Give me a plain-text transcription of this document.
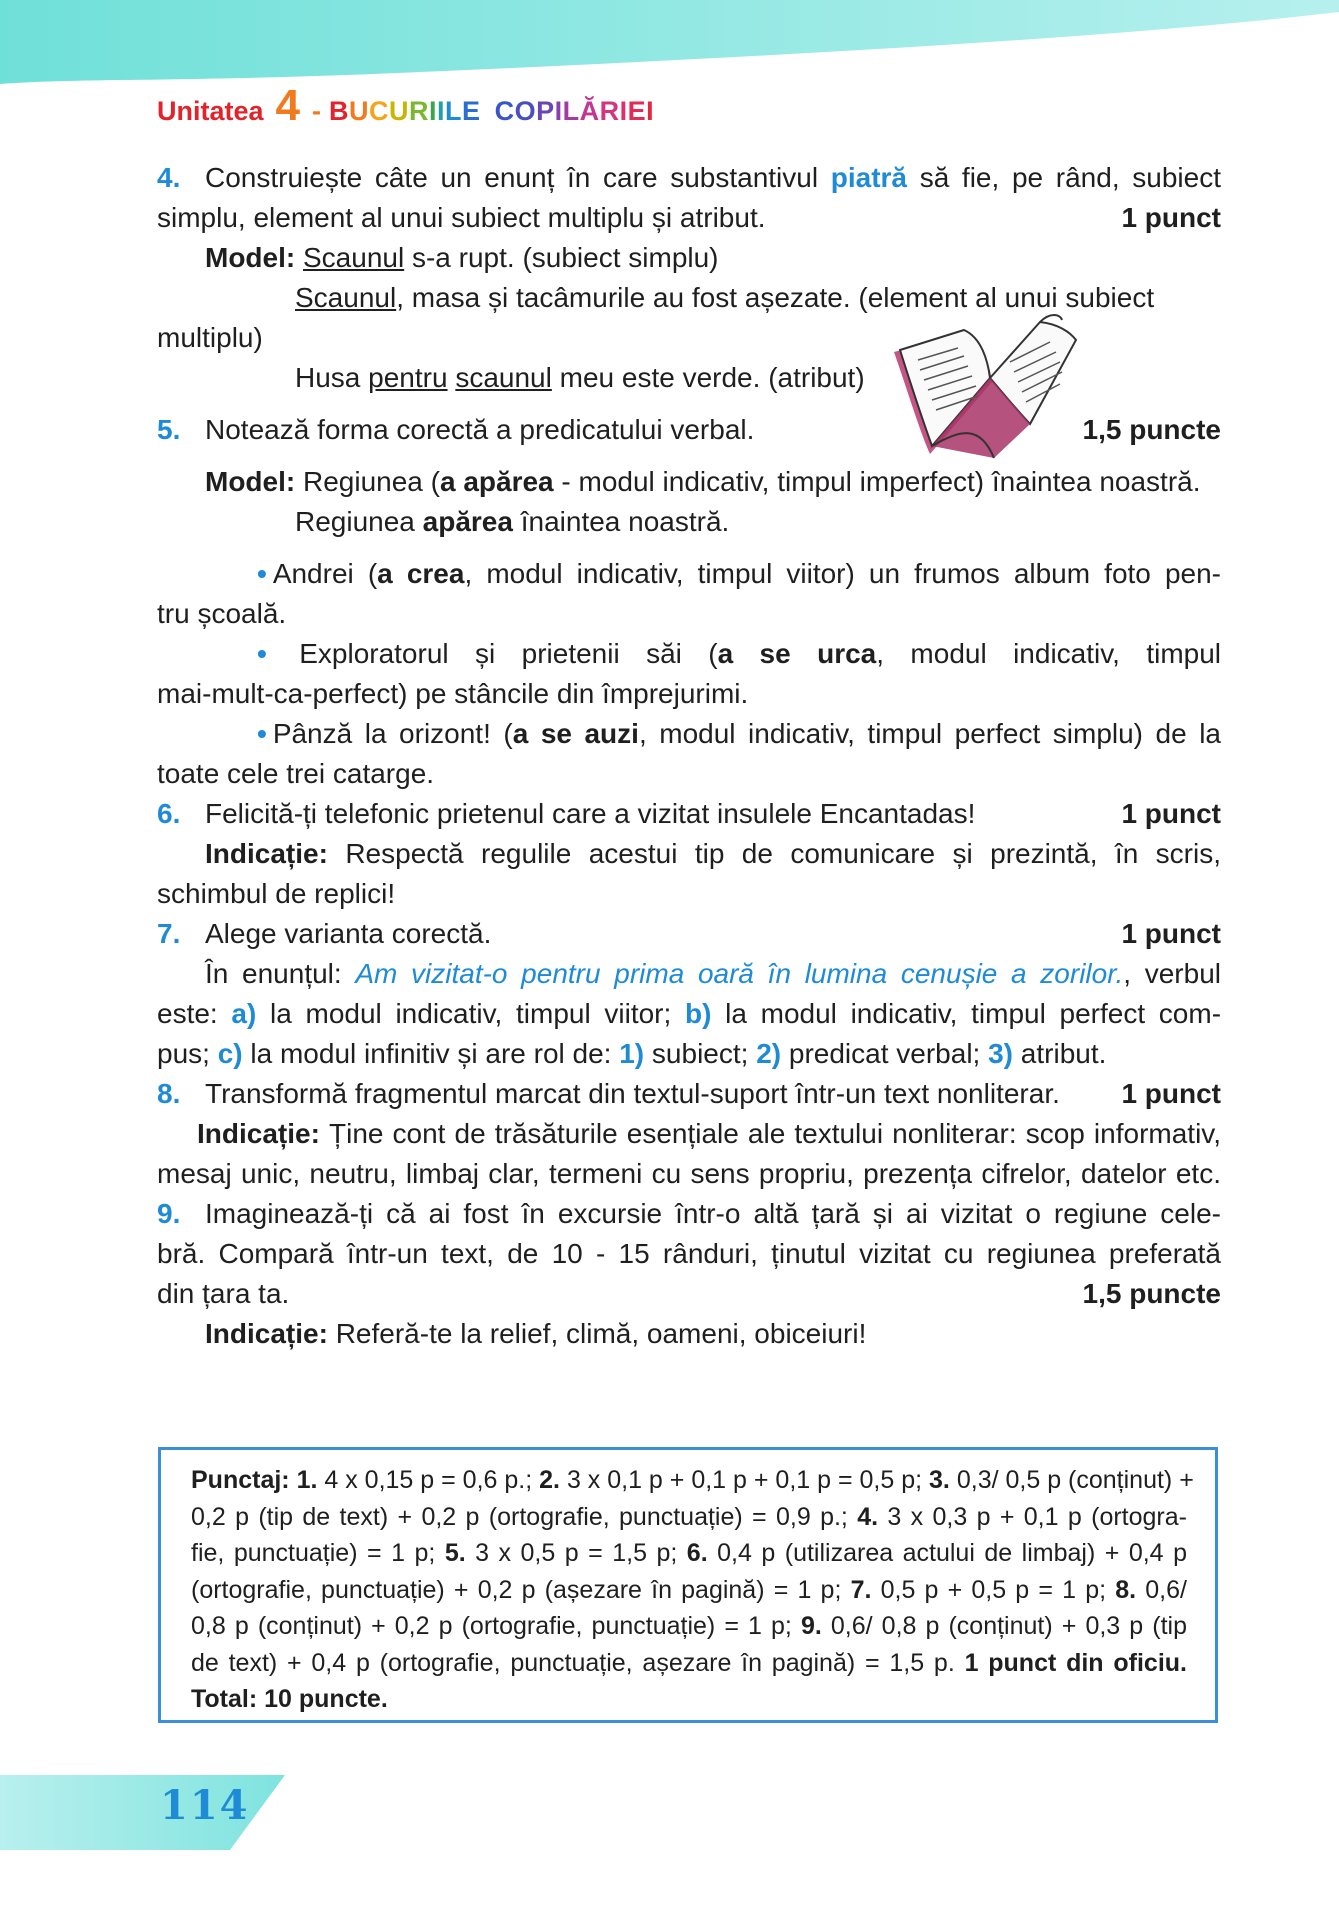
Unitatea 4 - BUCURIILE COPILĂRIEI
4. Construiește câte un enunț în care substantivul piatră să fie, pe rând, subiect
simplu, element al unui subiect multiplu și atribut.	1 punct
Model: Scaunul s-a rupt. (subiect simplu)
Scaunul, masa și tacâmurile au fost așezate. (element al unui subiect
multiplu)
Husa pentru scaunul meu este verde. (atribut)
5. Notează forma corectă a predicatului verbal.	1,5 puncte
Model: Regiunea (a apărea - modul indicativ, timpul imperfect) înaintea noastră.
Regiunea apărea înaintea noastră.
• Andrei (a crea, modul indicativ, timpul viitor) un frumos album foto pen-
tru școală.
• Exploratorul și prietenii săi (a se urca, modul indicativ, timpul
mai-mult-ca-perfect) pe stâncile din împrejurimi.
• Pânză la orizont! (a se auzi, modul indicativ, timpul perfect simplu) de la
toate cele trei catarge.
6. Felicită-ți telefonic prietenul care a vizitat insulele Encantadas!	1 punct
Indicație: Respectă regulile acestui tip de comunicare și prezintă, în scris,
schimbul de replici!
7. Alege varianta corectă.	1 punct
În enunțul: Am vizitat-o pentru prima oară în lumina cenușie a zorilor., verbul
este: a) la modul indicativ, timpul viitor; b) la modul indicativ, timpul perfect com-
pus; c) la modul infinitiv și are rol de: 1) subiect; 2) predicat verbal; 3) atribut.
8. Transformă fragmentul marcat din textul-suport într-un text nonliterar. 1 punct
Indicație: Ține cont de trăsăturile esențiale ale textului nonliterar: scop informativ,
mesaj unic, neutru, limbaj clar, termeni cu sens propriu, prezența cifrelor, datelor etc.
9. Imaginează-ți că ai fost în excursie într-o altă țară și ai vizitat o regiune cele-
bră. Compară într-un text, de 10 - 15 rânduri, ținutul vizitat cu regiunea preferată
din țara ta.	1,5 puncte
Indicație: Referă-te la relief, climă, oameni, obiceiuri!
Punctaj: 1. 4 x 0,15 p = 0,6 p.; 2. 3 x 0,1 p + 0,1 p + 0,1 p = 0,5 p; 3. 0,3/ 0,5 p (conținut) +
0,2 p (tip de text) + 0,2 p (ortografie, punctuație) = 0,9 p.; 4. 3 x 0,3 p + 0,1 p (ortogra-
fie, punctuație) = 1 p; 5. 3 x 0,5 p = 1,5 p; 6. 0,4 p (utilizarea actului de limbaj) + 0,4 p
(ortografie, punctuație) + 0,2 p (așezare în pagină) = 1 p; 7. 0,5 p + 0,5 p = 1 p; 8. 0,6/
0,8 p (conținut) + 0,2 p (ortografie, punctuație) = 1 p; 9. 0,6/ 0,8 p (conținut) + 0,3 p (tip
de text) + 0,4 p (ortografie, punctuație, așezare în pagină) = 1,5 p. 1 punct din oficiu.
Total: 10 puncte.
114
